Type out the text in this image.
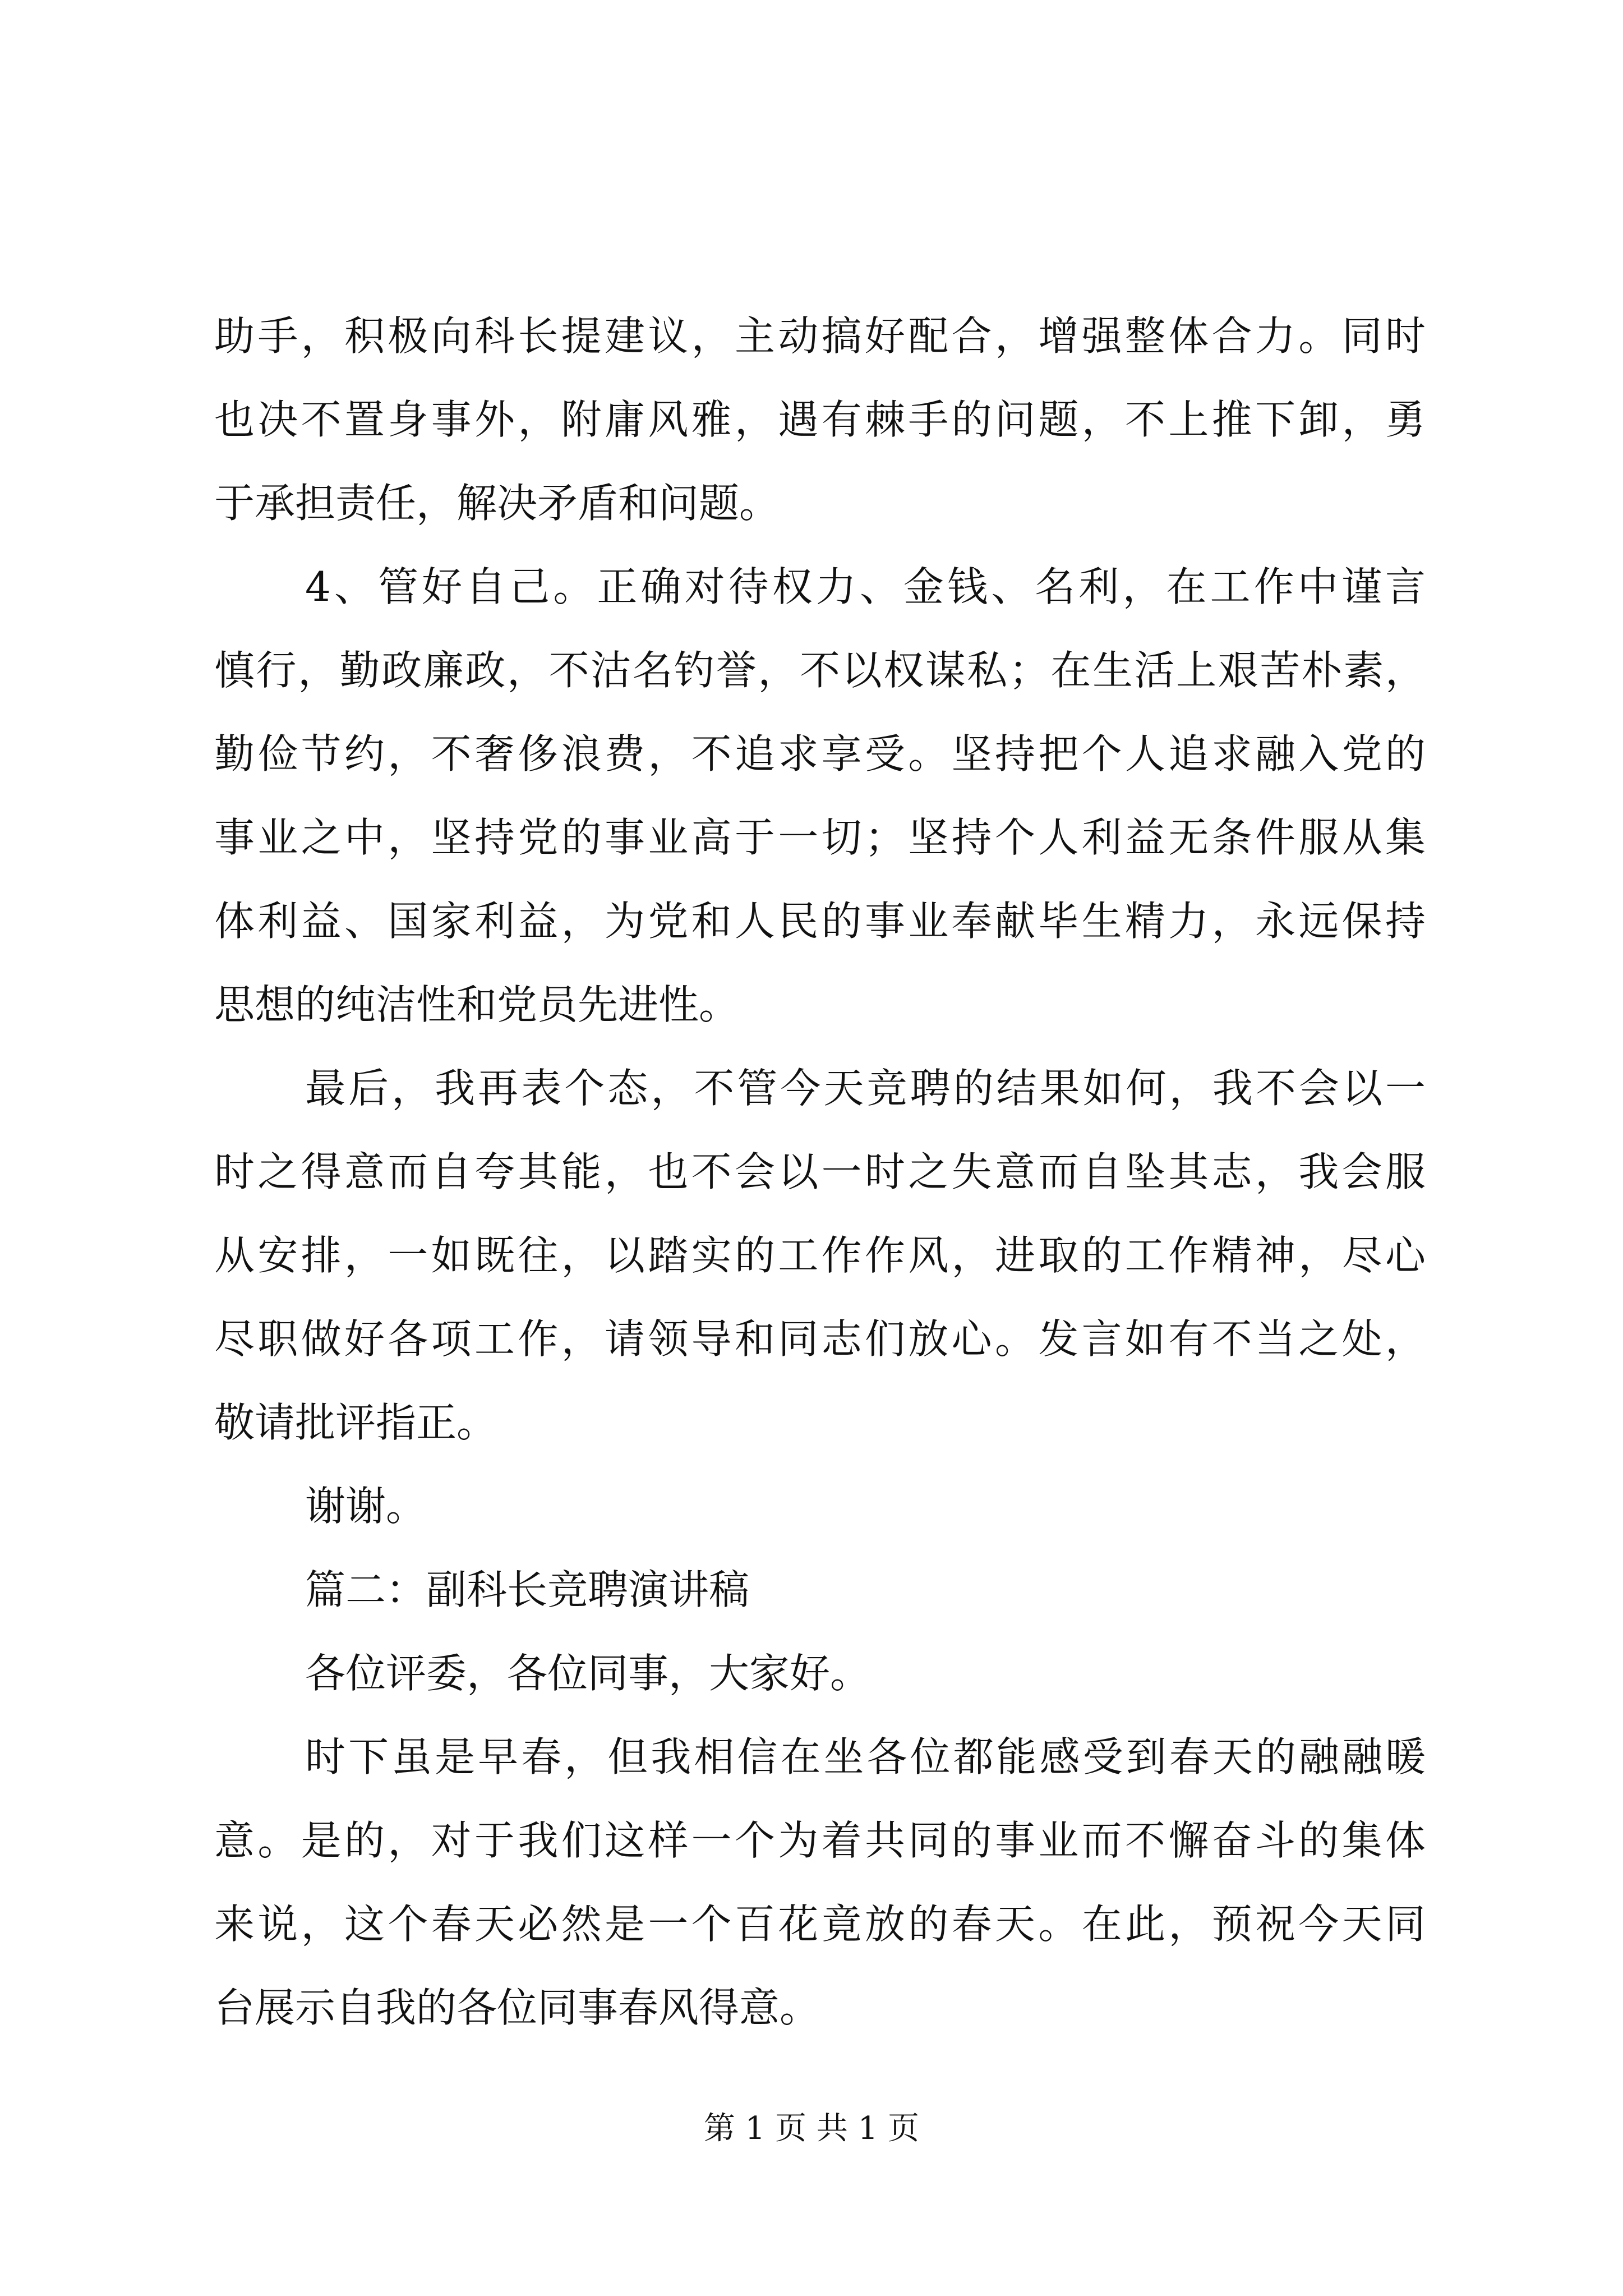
助手，积极向科长提建议，主动搞好配合，增强整体合力。同时
也决不置身事外，附庸风雅，遇有棘手的问题，不上推下卸，勇
于承担责任，解决矛盾和问题。
4、管好自己。正确对待权力、金钱、名利，在工作中谨言
慎行，勤政廉政，不沽名钓誉，不以权谋私；在生活上艰苦朴素，
勤俭节约，不奢侈浪费，不追求享受。坚持把个人追求融入党的
事业之中，坚持党的事业高于一切；坚持个人利益无条件服从集
体利益、国家利益，为党和人民的事业奉献毕生精力，永远保持
思想的纯洁性和党员先进性。
最后，我再表个态，不管今天竞聘的结果如何，我不会以一
时之得意而自夸其能，也不会以一时之失意而自坠其志，我会服
从安排，一如既往，以踏实的工作作风，进取的工作精神，尽心
尽职做好各项工作，请领导和同志们放心。发言如有不当之处，
敬请批评指正。
谢谢。
篇二：副科长竞聘演讲稿
各位评委，各位同事，大家好。
时下虽是早春，但我相信在坐各位都能感受到春天的融融暖
意。是的，对于我们这样一个为着共同的事业而不懈奋斗的集体
来说，这个春天必然是一个百花竟放的春天。在此，预祝今天同
台展示自我的各位同事春风得意。
第 1 页 共 1 页
